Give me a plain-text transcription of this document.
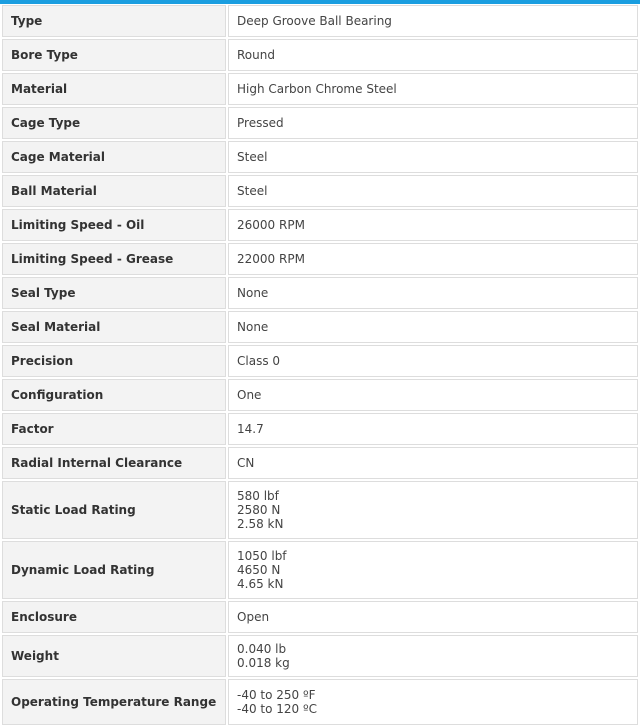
Type	Deep Groove Ball Bearing

Bore Type	Round

Material	High Carbon Chrome Steel

Cage Type	Pressed

Cage Material	Steel

Ball Material	Steel

Limiting Speed - Oil	26000 RPM

Limiting Speed - Grease	22000 RPM

Seal Type	None

Seal Material	None

Precision	Class 0

Configuration	One

Factor	14.7

Radial Internal Clearance	CN

Static Load Rating	580 lbf
2580 N
2.58 kN

Dynamic Load Rating	1050 lbf
4650 N
4.65 kN

Enclosure	Open

Weight	0.040 lb
0.018 kg

Operating Temperature Range	-40 to 250 ºF
-40 to 120 ºC
